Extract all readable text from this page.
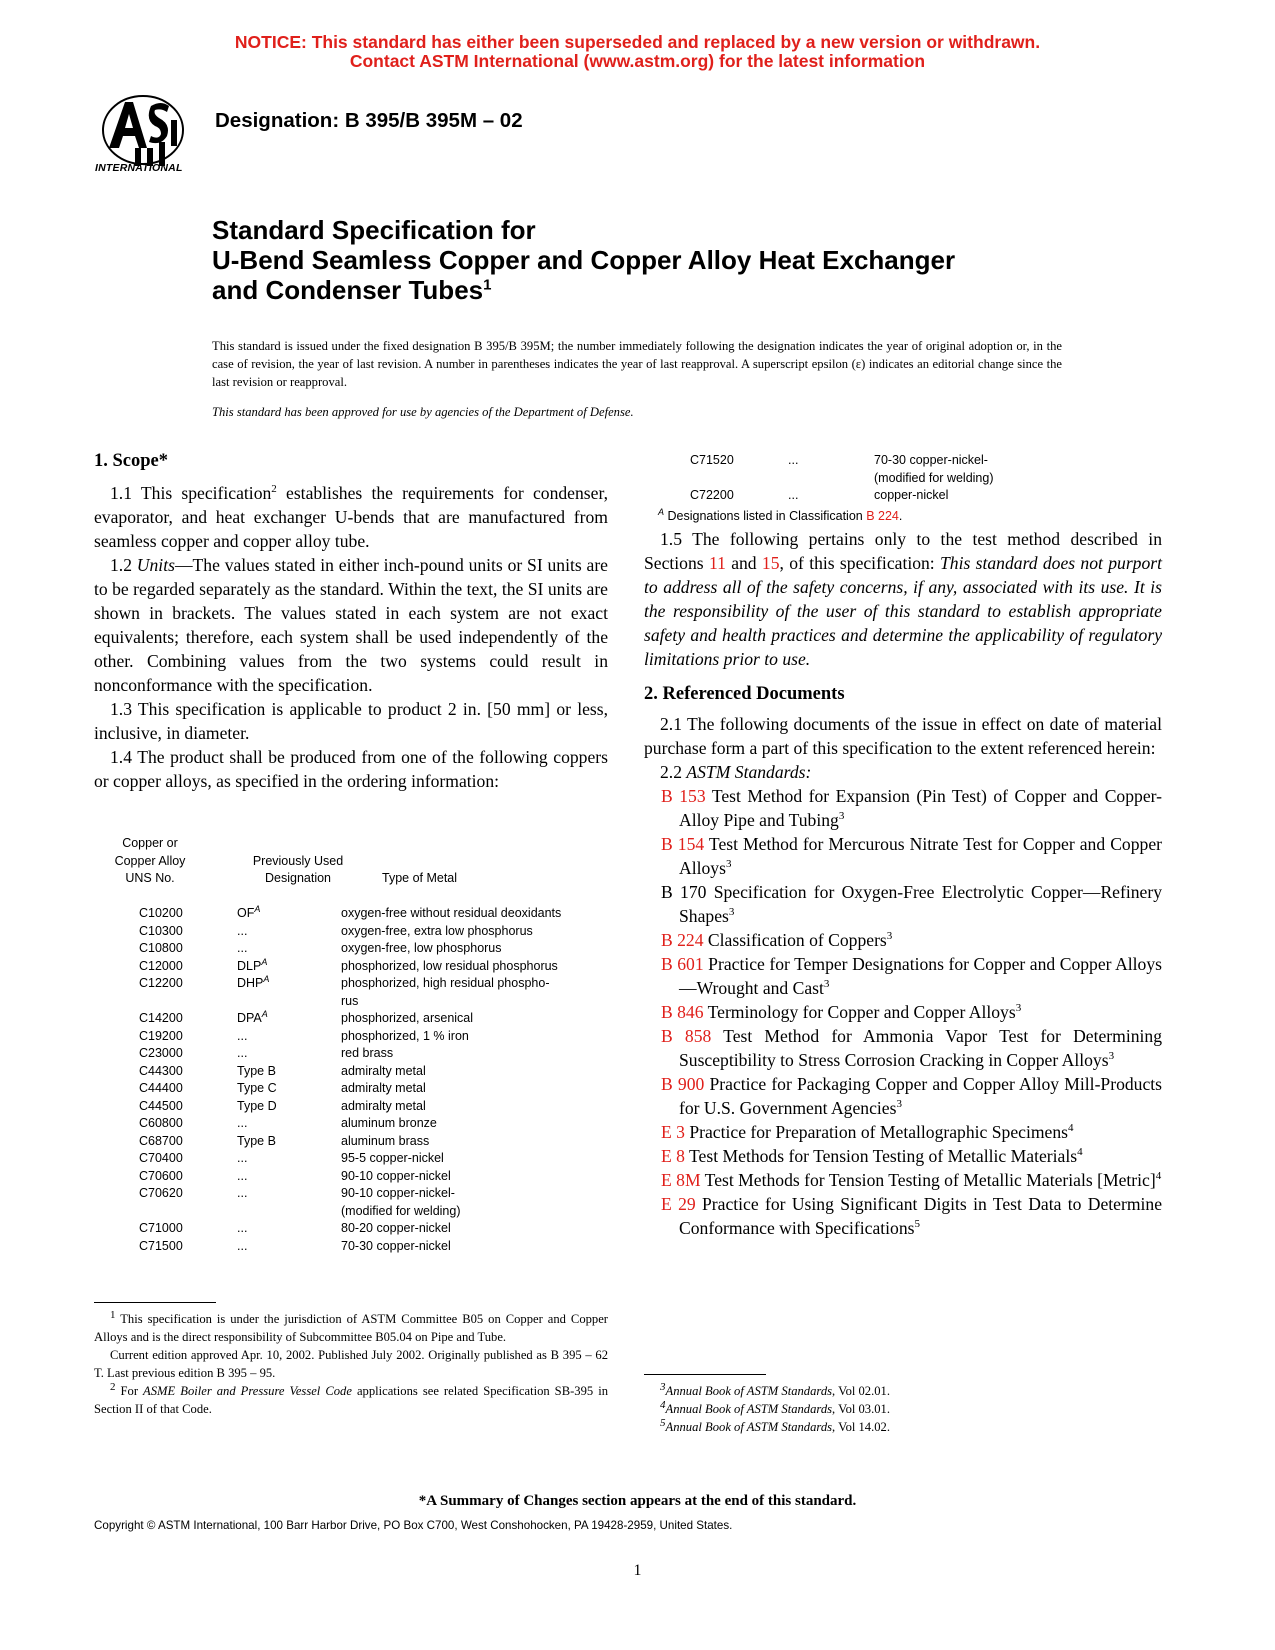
NOTICE: This standard has either been superseded and replaced by a new version or withdrawn.
Contact ASTM International (www.astm.org) for the latest information
INTERNATIONAL
Designation: B 395/B 395M – 02
Standard Specification for
U-Bend Seamless Copper and Copper Alloy Heat Exchanger
and Condenser Tubes$^1$

This standard is issued under the fixed designation B 395/B 395M; the number immediately following the designation indicates the year of original adoption or, in the case of revision, the year of last revision. A number in parentheses indicates the year of last reapproval. A superscript epsilon (ε) indicates an editorial change since the last revision or reapproval.

This standard has been approved for use by agencies of the Department of Defense.
1. Scope*

1.1 This specification$^2$ establishes the requirements for condenser, evaporator, and heat exchanger U-bends that are manufactured from seamless copper and copper alloy tube.

1.2 Units—The values stated in either inch-pound units or SI units are to be regarded separately as the standard. Within the text, the SI units are shown in brackets. The values stated in each system are not exact equivalents; therefore, each system shall be used independently of the other. Combining values from the two systems could result in nonconformance with the specification.

1.3 This specification is applicable to product 2 in. [50 mm] or less, inclusive, in diameter.

1.4 The product shall be produced from one of the following coppers or copper alloys, as specified in the ordering information:

Copper or
Copper Alloy
UNS No.
Previously Used
Designation	Type of Metal
C10200	$OF^A$	oxygen-free without residual deoxidants
C10300	...	oxygen-free, extra low phosphorus
C10800	...	oxygen-free, low phosphorus
C12000	$DLP^A$	phosphorized, low residual phosphorus
C12200	$DHP^A$	phosphorized, high residual phospho-
rus
C14200	$DPA^A$	phosphorized, arsenical
C19200	...	phosphorized, 1 % iron
C23000	...	red brass
C44300	Type B	admiralty metal
C44400	Type C	admiralty metal
C44500	Type D	admiralty metal
C60800	...	aluminum bronze
C68700	Type B	aluminum brass
C70400	...	95-5 copper-nickel
C70600	...	90-10 copper-nickel
C70620	...	90-10 copper-nickel-
(modified for welding)
C71000	...	80-20 copper-nickel
C71500	...	70-30 copper-nickel
C71520	...	70-30 copper-nickel-
(modified for welding)
C72200	...	copper-nickel
$^A$ Designations listed in Classification B 224.

1.5 The following pertains only to the test method described in Sections 11 and 15, of this specification: This standard does not purport to address all of the safety concerns, if any, associated with its use. It is the responsibility of the user of this standard to establish appropriate safety and health practices and determine the applicability of regulatory limitations prior to use.

2. Referenced Documents

2.1 The following documents of the issue in effect on date of material purchase form a part of this specification to the extent referenced herein:

2.2 ASTM Standards:

B 153 Test Method for Expansion (Pin Test) of Copper and Copper-Alloy Pipe and Tubing$^3$

B 154 Test Method for Mercurous Nitrate Test for Copper and Copper Alloys$^3$

B 170 Specification for Oxygen-Free Electrolytic Copper—Refinery Shapes$^3$

B 224 Classification of Coppers$^3$

B 601 Practice for Temper Designations for Copper and Copper Alloys—Wrought and Cast$^3$

B 846 Terminology for Copper and Copper Alloys$^3$

B 858 Test Method for Ammonia Vapor Test for Determining Susceptibility to Stress Corrosion Cracking in Copper Alloys$^3$

B 900 Practice for Packaging Copper and Copper Alloy Mill-Products for U.S. Government Agencies$^3$

E 3 Practice for Preparation of Metallographic Specimens$^4$

E 8 Test Methods for Tension Testing of Metallic Materials$^4$

E 8M Test Methods for Tension Testing of Metallic Materials [Metric]$^4$

E 29 Practice for Using Significant Digits in Test Data to Determine Conformance with Specifications$^5$

$^1$ This specification is under the jurisdiction of ASTM Committee B05 on Copper and Copper Alloys and is the direct responsibility of Subcommittee B05.04 on Pipe and Tube.

Current edition approved Apr. 10, 2002. Published July 2002. Originally published as B 395 – 62 T. Last previous edition B 395 – 95.

$^2$ For ASME Boiler and Pressure Vessel Code applications see related Specification SB-395 in Section II of that Code.

$^3$Annual Book of ASTM Standards, Vol 02.01.

$^4$Annual Book of ASTM Standards, Vol 03.01.

$^5$Annual Book of ASTM Standards, Vol 14.02.

*A Summary of Changes section appears at the end of this standard.
Copyright © ASTM International, 100 Barr Harbor Drive, PO Box C700, West Conshohocken, PA 19428-2959, United States.
1
